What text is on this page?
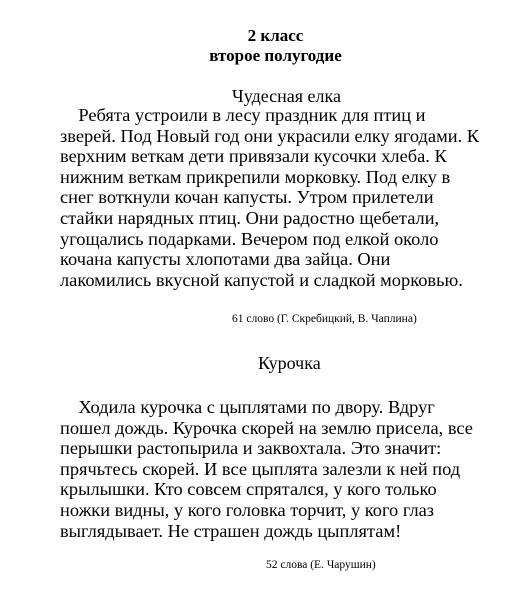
2 класс
второе полугодие
Чудесная елка

Ребята устроили в лесу праздник для птиц и
зверей. Под Новый год они украсили елку ягодами. К
верхним веткам дети привязали кусочки хлеба. К
нижним веткам прикрепили морковку. Под елку в
снег воткнули кочан капусты. Утром прилетели
стайки нарядных птиц. Они радостно щебетали,
угощались подарками. Вечером под елкой около
кочана капусты хлопотами два зайца. Они
лакомились вкусной капустой и сладкой морковью.

61 слово (Г. Скребицкий, В. Чаплина)
Курочка

Ходила курочка с цыплятами по двору. Вдруг
пошел дождь. Курочка скорей на землю присела, все
перышки растопырила и заквохтала. Это значит:
прячьтесь скорей. И все цыплята залезли к ней под
крылышки. Кто совсем спрятался, у кого только
ножки видны, у кого головка торчит, у кого глаз
выглядывает. Не страшен дождь цыплятам!

52 слова (Е. Чарушин)
